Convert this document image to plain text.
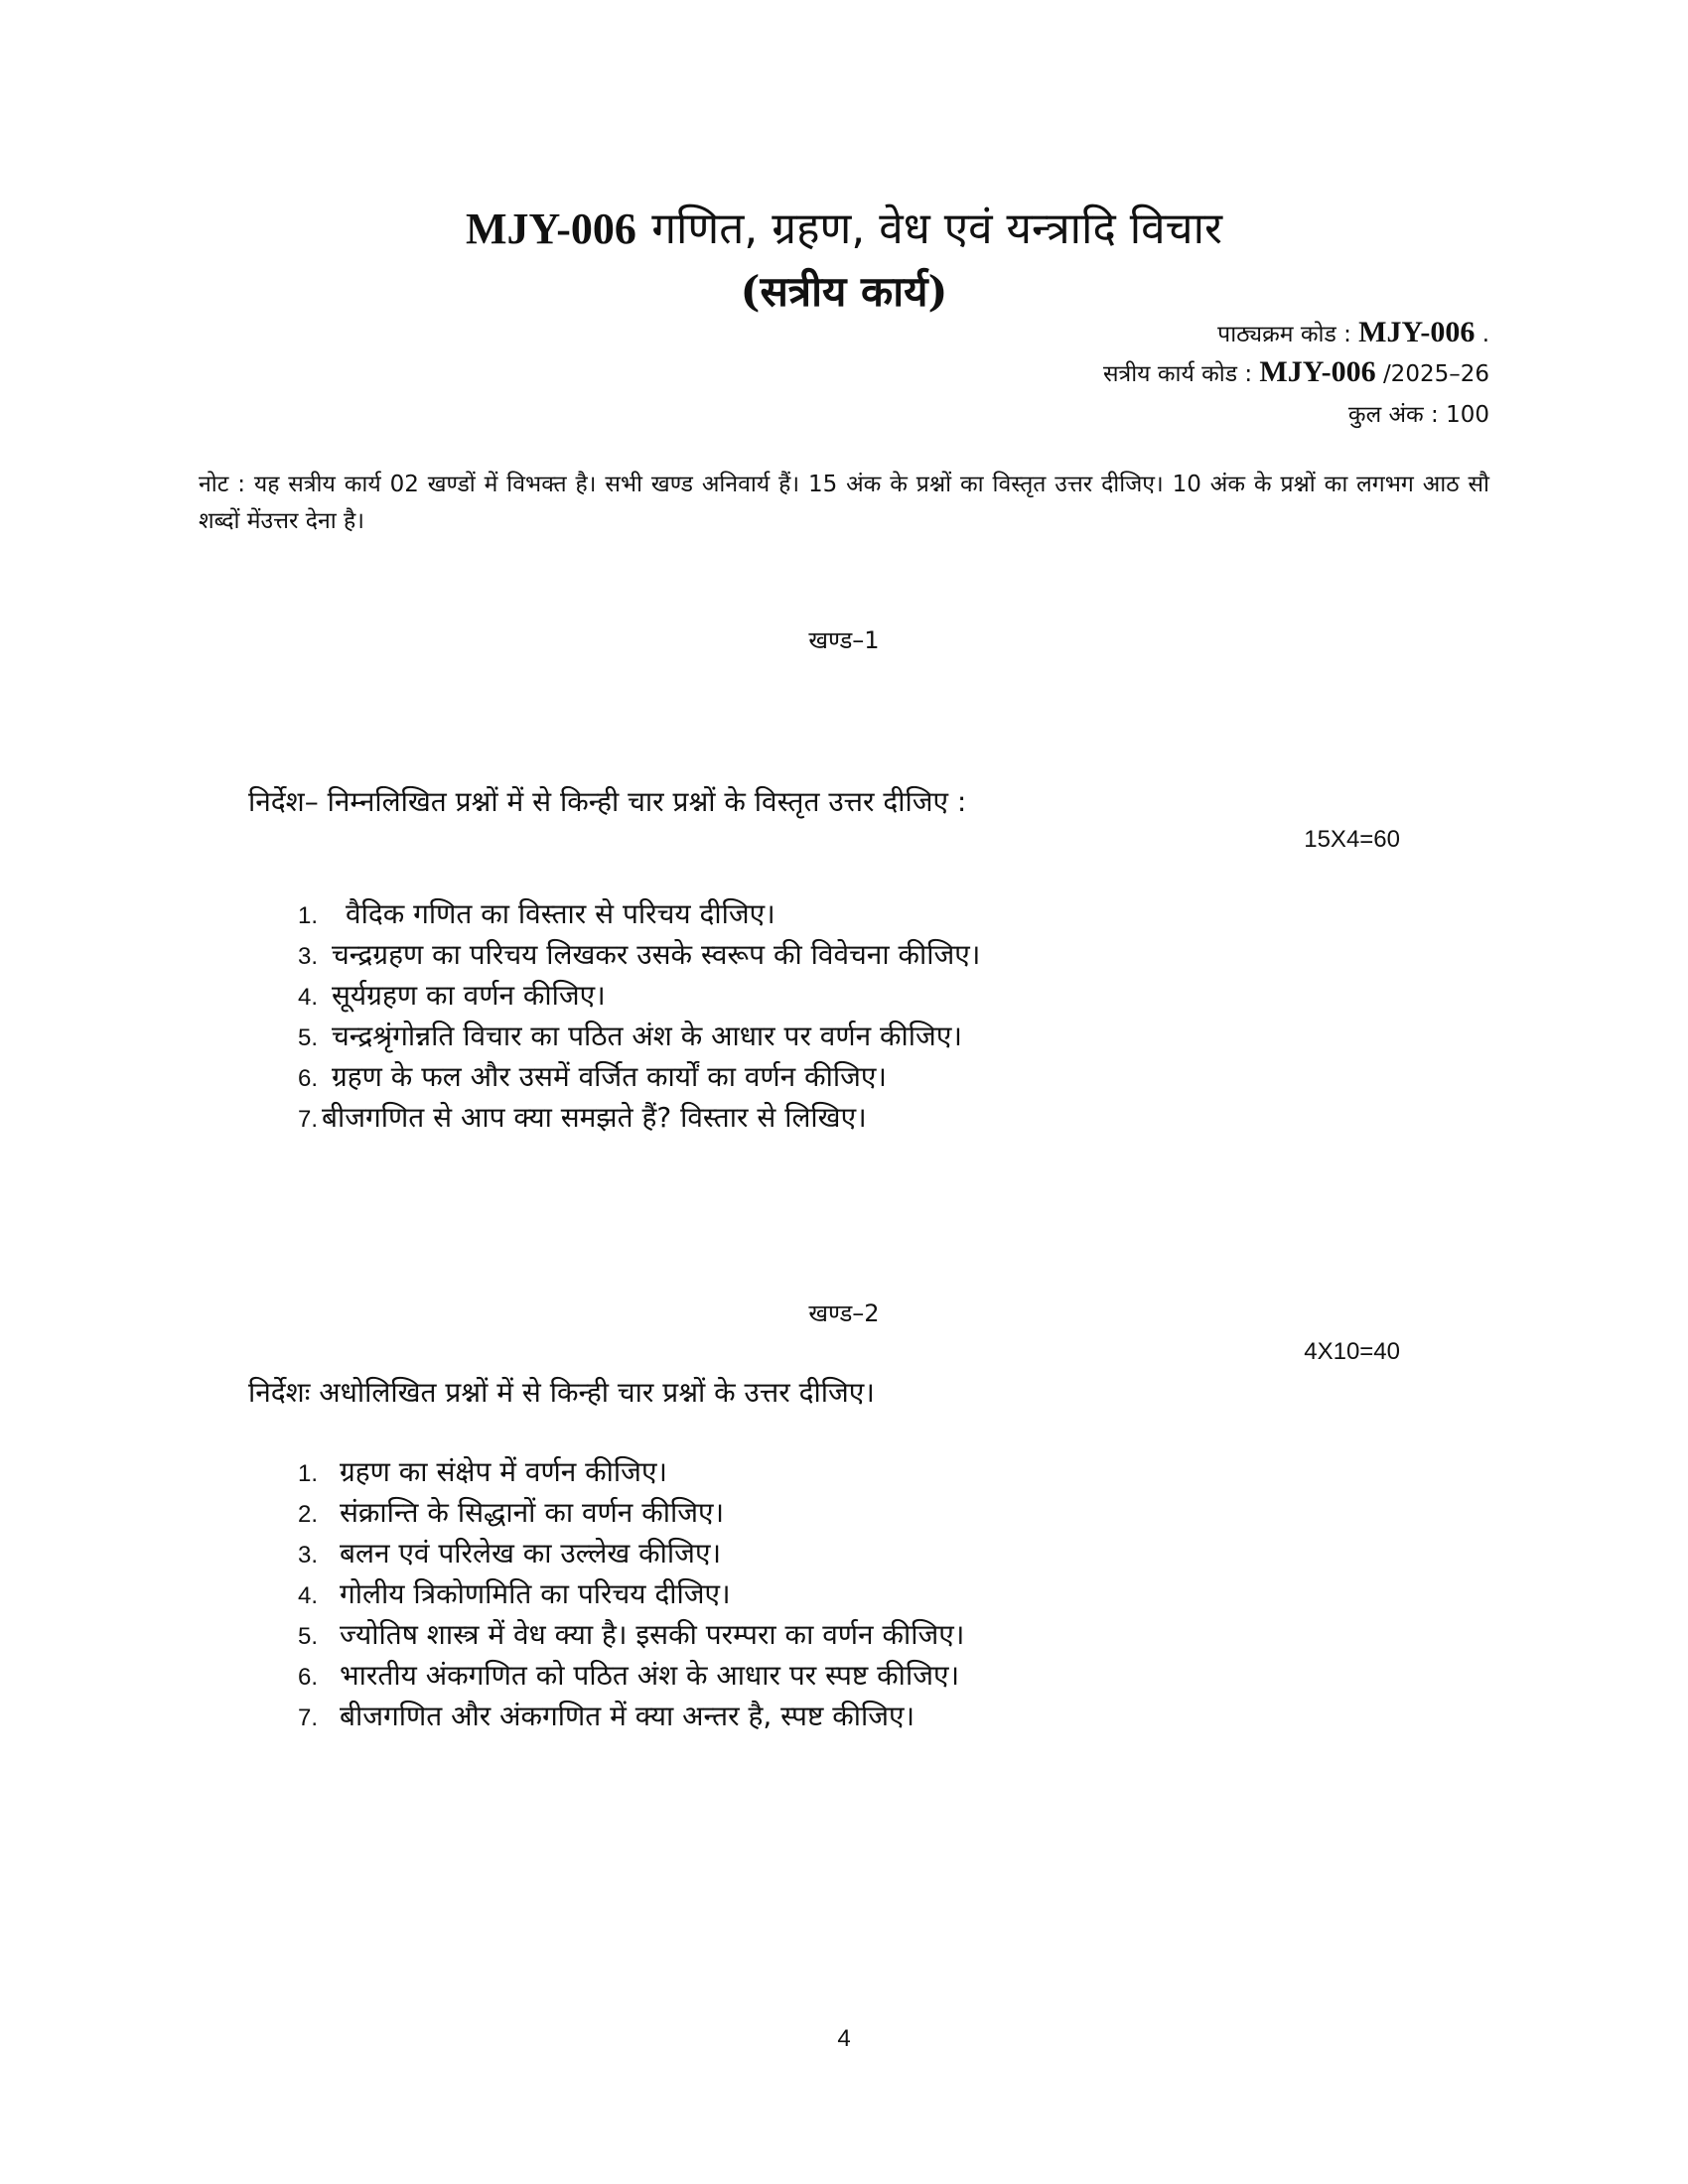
MJY-006 गणित, ग्रहण, वेध एवं यन्त्रादि विचार
(सत्रीय कार्य)
पाठ्यक्रम कोड : MJY-006 .
सत्रीय कार्य कोड : MJY-006 /2025–26
कुल अंक : 100
नोट : यह सत्रीय कार्य 02 खण्डों में विभक्त है। सभी खण्ड अनिवार्य हैं। 15 अंक के प्रश्नों का विस्तृत उत्तर दीजिए। 10 अंक के प्रश्नों का लगभग आठ सौ शब्दों मेंउत्तर देना है।
खण्ड–1
निर्देश– निम्नलिखित प्रश्नों में से किन्ही चार प्रश्नों के विस्तृत उत्तर दीजिए :
15X4=60
1. वैदिक गणित का विस्तार से परिचय दीजिए।
3. चन्द्रग्रहण का परिचय लिखकर उसके स्वरूप की विवेचना कीजिए।
4. सूर्यग्रहण का वर्णन कीजिए।
5. चन्द्रश्रृंगोन्नति विचार का पठित अंश के आधार पर वर्णन कीजिए।
6. ग्रहण के फल और उसमें वर्जित कार्यों का वर्णन कीजिए।
7. बीजगणित से आप क्या समझते हैं? विस्तार से लिखिए।
खण्ड–2
4X10=40
निर्देशः अधोलिखित प्रश्नों में से किन्ही चार प्रश्नों के उत्तर दीजिए।
1. ग्रहण का संक्षेप में वर्णन कीजिए।
2. संक्रान्ति के सिद्धानों का वर्णन कीजिए।
3. बलन एवं परिलेख का उल्लेख कीजिए।
4. गोलीय त्रिकोणमिति का परिचय दीजिए।
5. ज्योतिष शास्त्र में वेध क्या है। इसकी परम्परा का वर्णन कीजिए।
6. भारतीय अंकगणित को पठित अंश के आधार पर स्पष्ट कीजिए।
7. बीजगणित और अंकगणित में क्या अन्तर है, स्पष्ट कीजिए।
4
